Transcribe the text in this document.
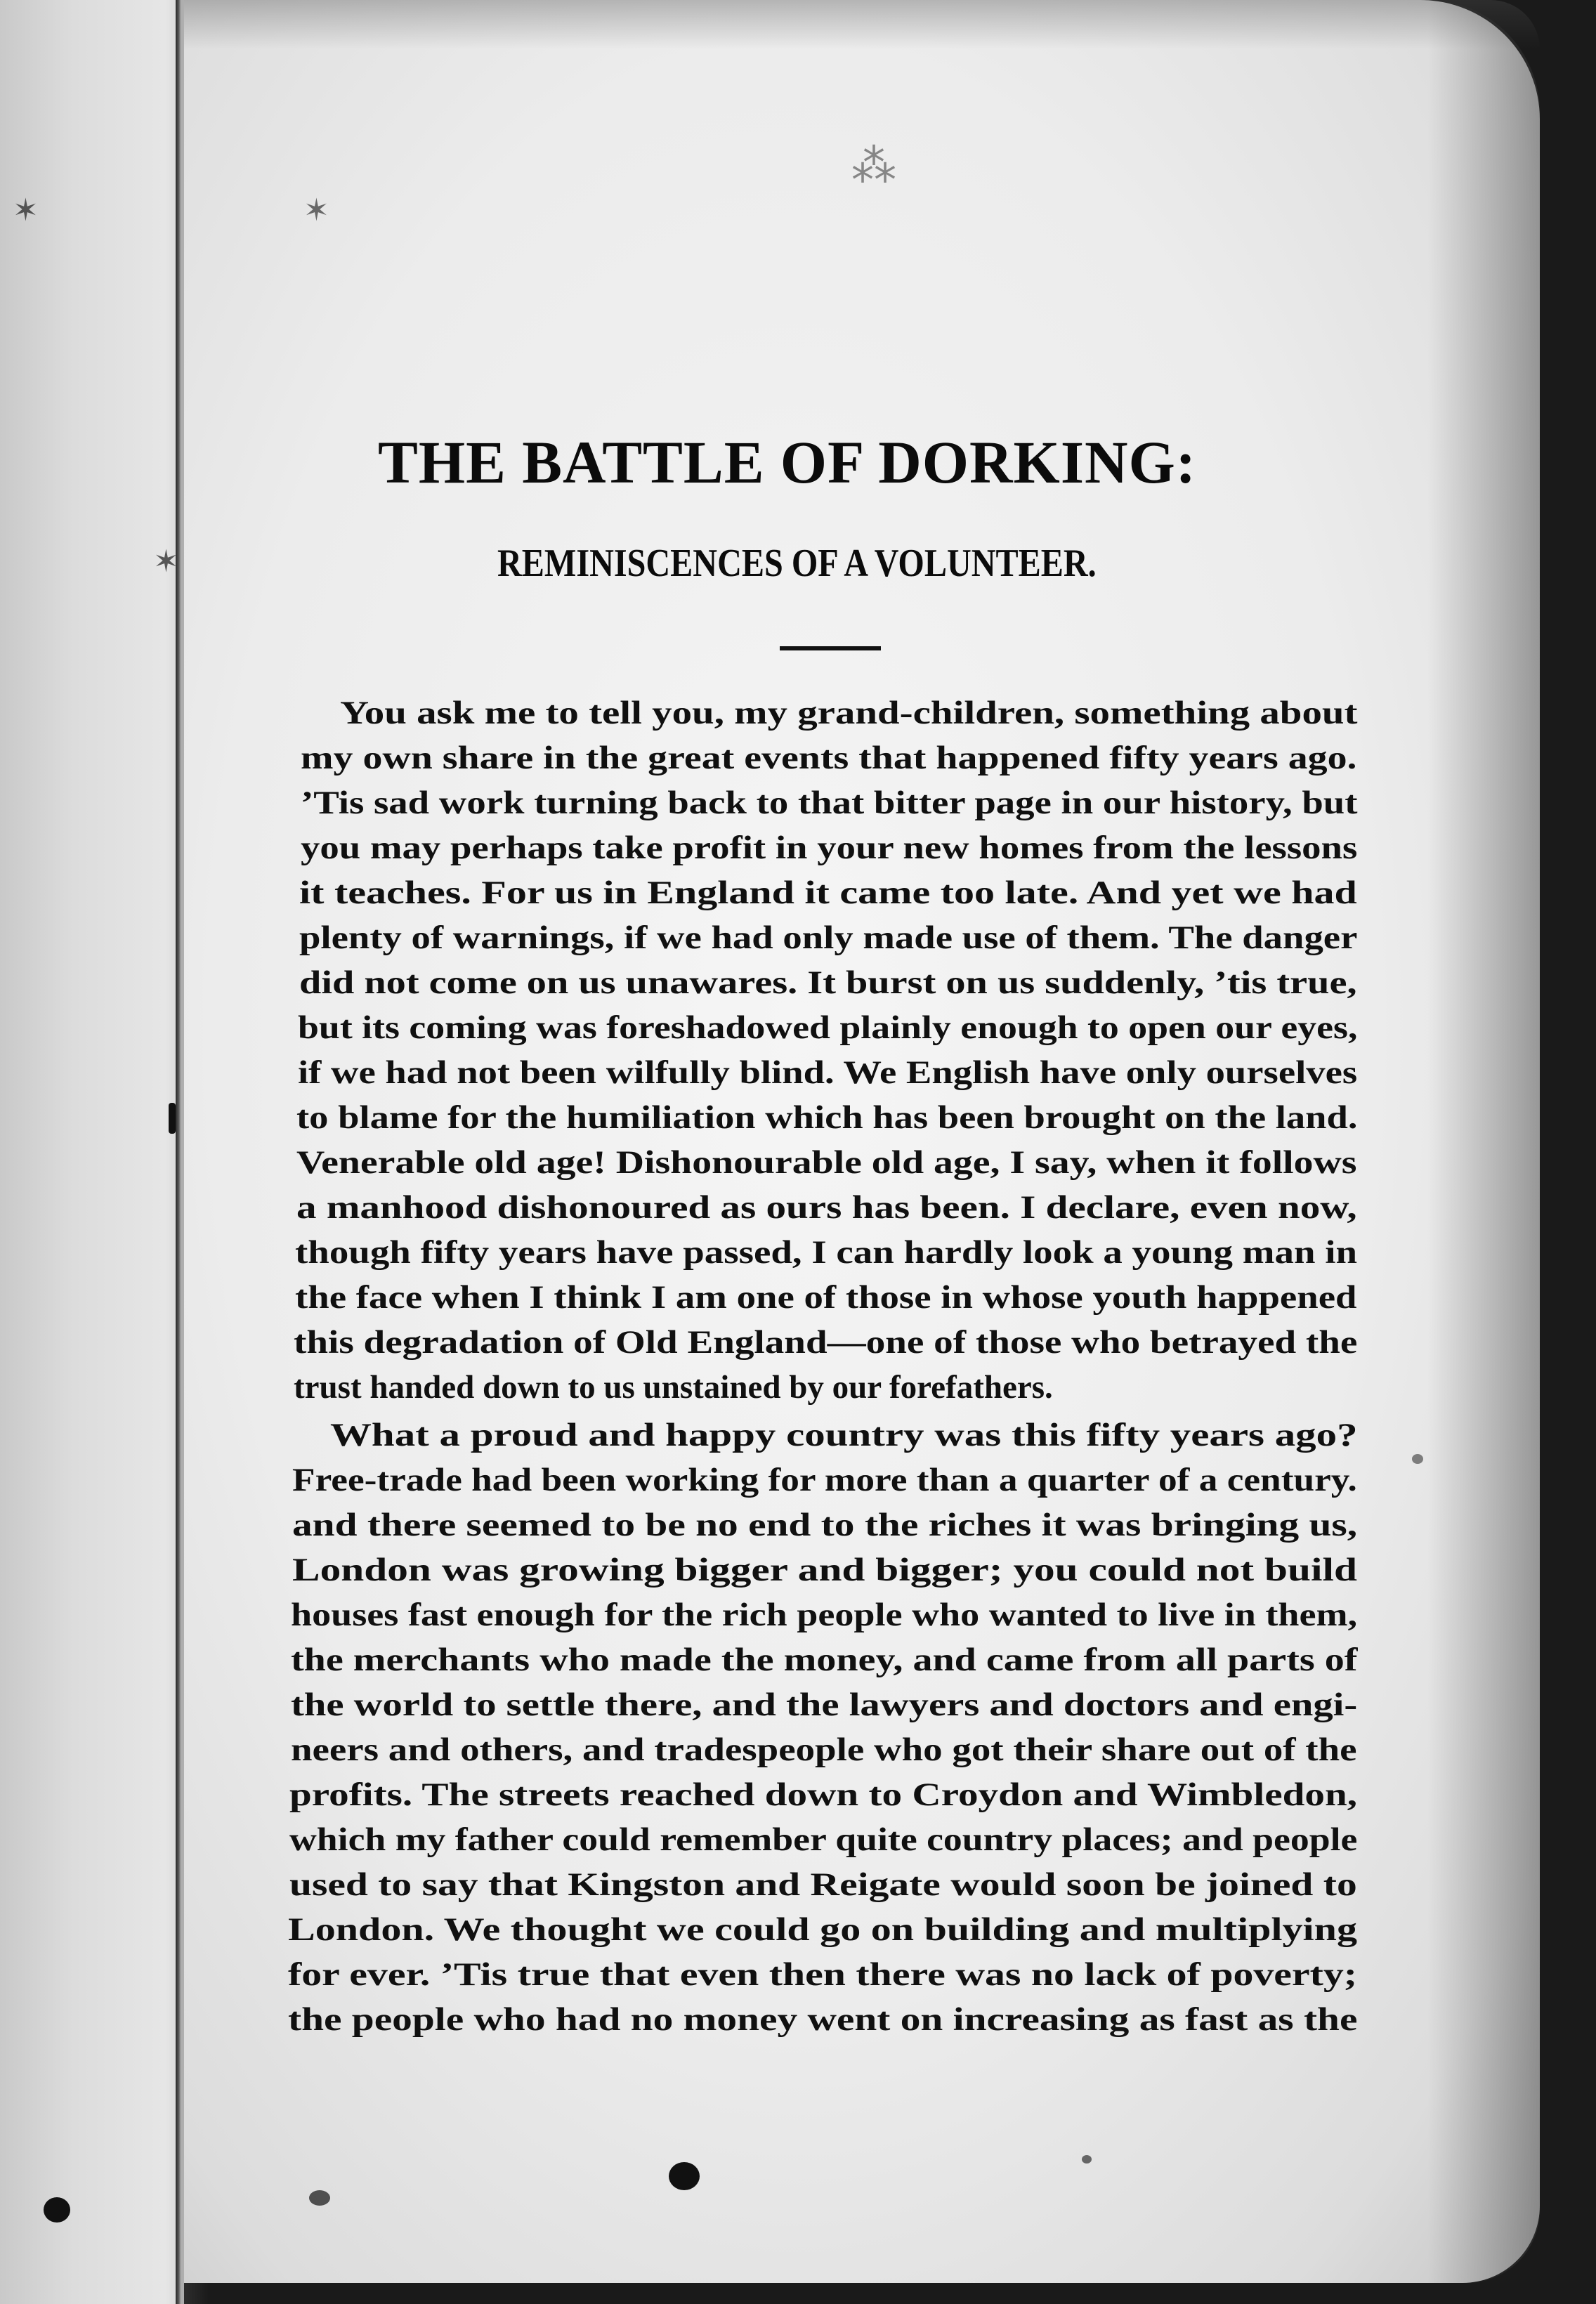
⁂
✶	✶
✶
THE BATTLE OF DORKING:
REMINISCENCES OF A VOLUNTEER.
You ask me to tell you, my grand-children, something about
my own share in the great events that happened fifty years ago.
’Tis sad work turning back to that bitter page in our history, but
you may perhaps take profit in your new homes from the lessons
it teaches. For us in England it came too late. And yet we had
plenty of warnings, if we had only made use of them. The danger
did not come on us unawares. It burst on us suddenly, ’tis true,
but its coming was foreshadowed plainly enough to open our eyes,
if we had not been wilfully blind. We English have only ourselves
to blame for the humiliation which has been brought on the land.
Venerable old age! Dishonourable old age, I say, when it follows
a manhood dishonoured as ours has been. I declare, even now,
though fifty years have passed, I can hardly look a young man in
the face when I think I am one of those in whose youth happened
this degradation of Old England—one of those who betrayed the
trust handed down to us unstained by our forefathers.
What a proud and happy country was this fifty years ago?
Free-trade had been working for more than a quarter of a century.
and there seemed to be no end to the riches it was bringing us,
London was growing bigger and bigger; you could not build
houses fast enough for the rich people who wanted to live in them,
the merchants who made the money, and came from all parts of
the world to settle there, and the lawyers and doctors and engi-
neers and others, and tradespeople who got their share out of the
profits. The streets reached down to Croydon and Wimbledon,
which my father could remember quite country places; and people
used to say that Kingston and Reigate would soon be joined to
London. We thought we could go on building and multiplying
for ever. ’Tis true that even then there was no lack of poverty;
the people who had no money went on increasing as fast as the
